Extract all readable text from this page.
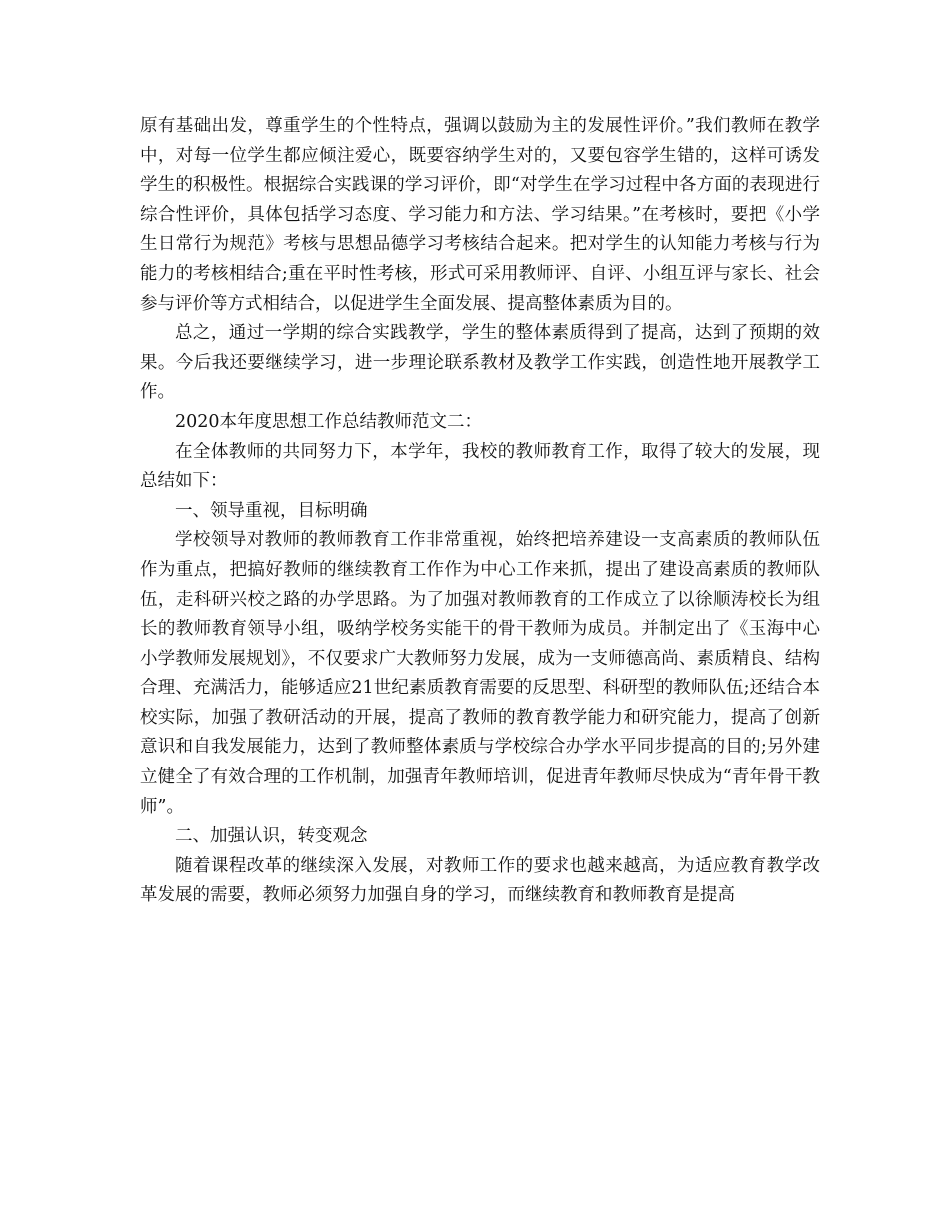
原有基础出发，尊重学生的个性特点，强调以鼓励为主的发展性评价。”我们教师在教学中，对每一位学生都应倾注爱心，既要容纳学生对的，又要包容学生错的，这样可诱发学生的积极性。根据综合实践课的学习评价，即“对学生在学习过程中各方面的表现进行综合性评价，具体包括学习态度、学习能力和方法、学习结果。”在考核时，要把《小学生日常行为规范》考核与思想品德学习考核结合起来。把对学生的认知能力考核与行为能力的考核相结合;重在平时性考核，形式可采用教师评、自评、小组互评与家长、社会参与评价等方式相结合，以促进学生全面发展、提高整体素质为目的。

总之，通过一学期的综合实践教学，学生的整体素质得到了提高，达到了预期的效果。今后我还要继续学习，进一步理论联系教材及教学工作实践，创造性地开展教学工作。

2020本年度思想工作总结教师范文二：

在全体教师的共同努力下，本学年，我校的教师教育工作，取得了较大的发展，现总结如下：

一、领导重视，目标明确

学校领导对教师的教师教育工作非常重视，始终把培养建设一支高素质的教师队伍作为重点，把搞好教师的继续教育工作作为中心工作来抓，提出了建设高素质的教师队伍，走科研兴校之路的办学思路。为了加强对教师教育的工作成立了以徐顺涛校长为组长的教师教育领导小组，吸纳学校务实能干的骨干教师为成员。并制定出了《玉海中心小学教师发展规划》，不仅要求广大教师努力发展，成为一支师德高尚、素质精良、结构合理、充满活力，能够适应21世纪素质教育需要的反思型、科研型的教师队伍;还结合本校实际，加强了教研活动的开展，提高了教师的教育教学能力和研究能力，提高了创新意识和自我发展能力，达到了教师整体素质与学校综合办学水平同步提高的目的;另外建立健全了有效合理的工作机制，加强青年教师培训，促进青年教师尽快成为“青年骨干教师”。

二、加强认识，转变观念

随着课程改革的继续深入发展，对教师工作的要求也越来越高，为适应教育教学改革发展的需要，教师必须努力加强自身的学习，而继续教育和教师教育是提高
